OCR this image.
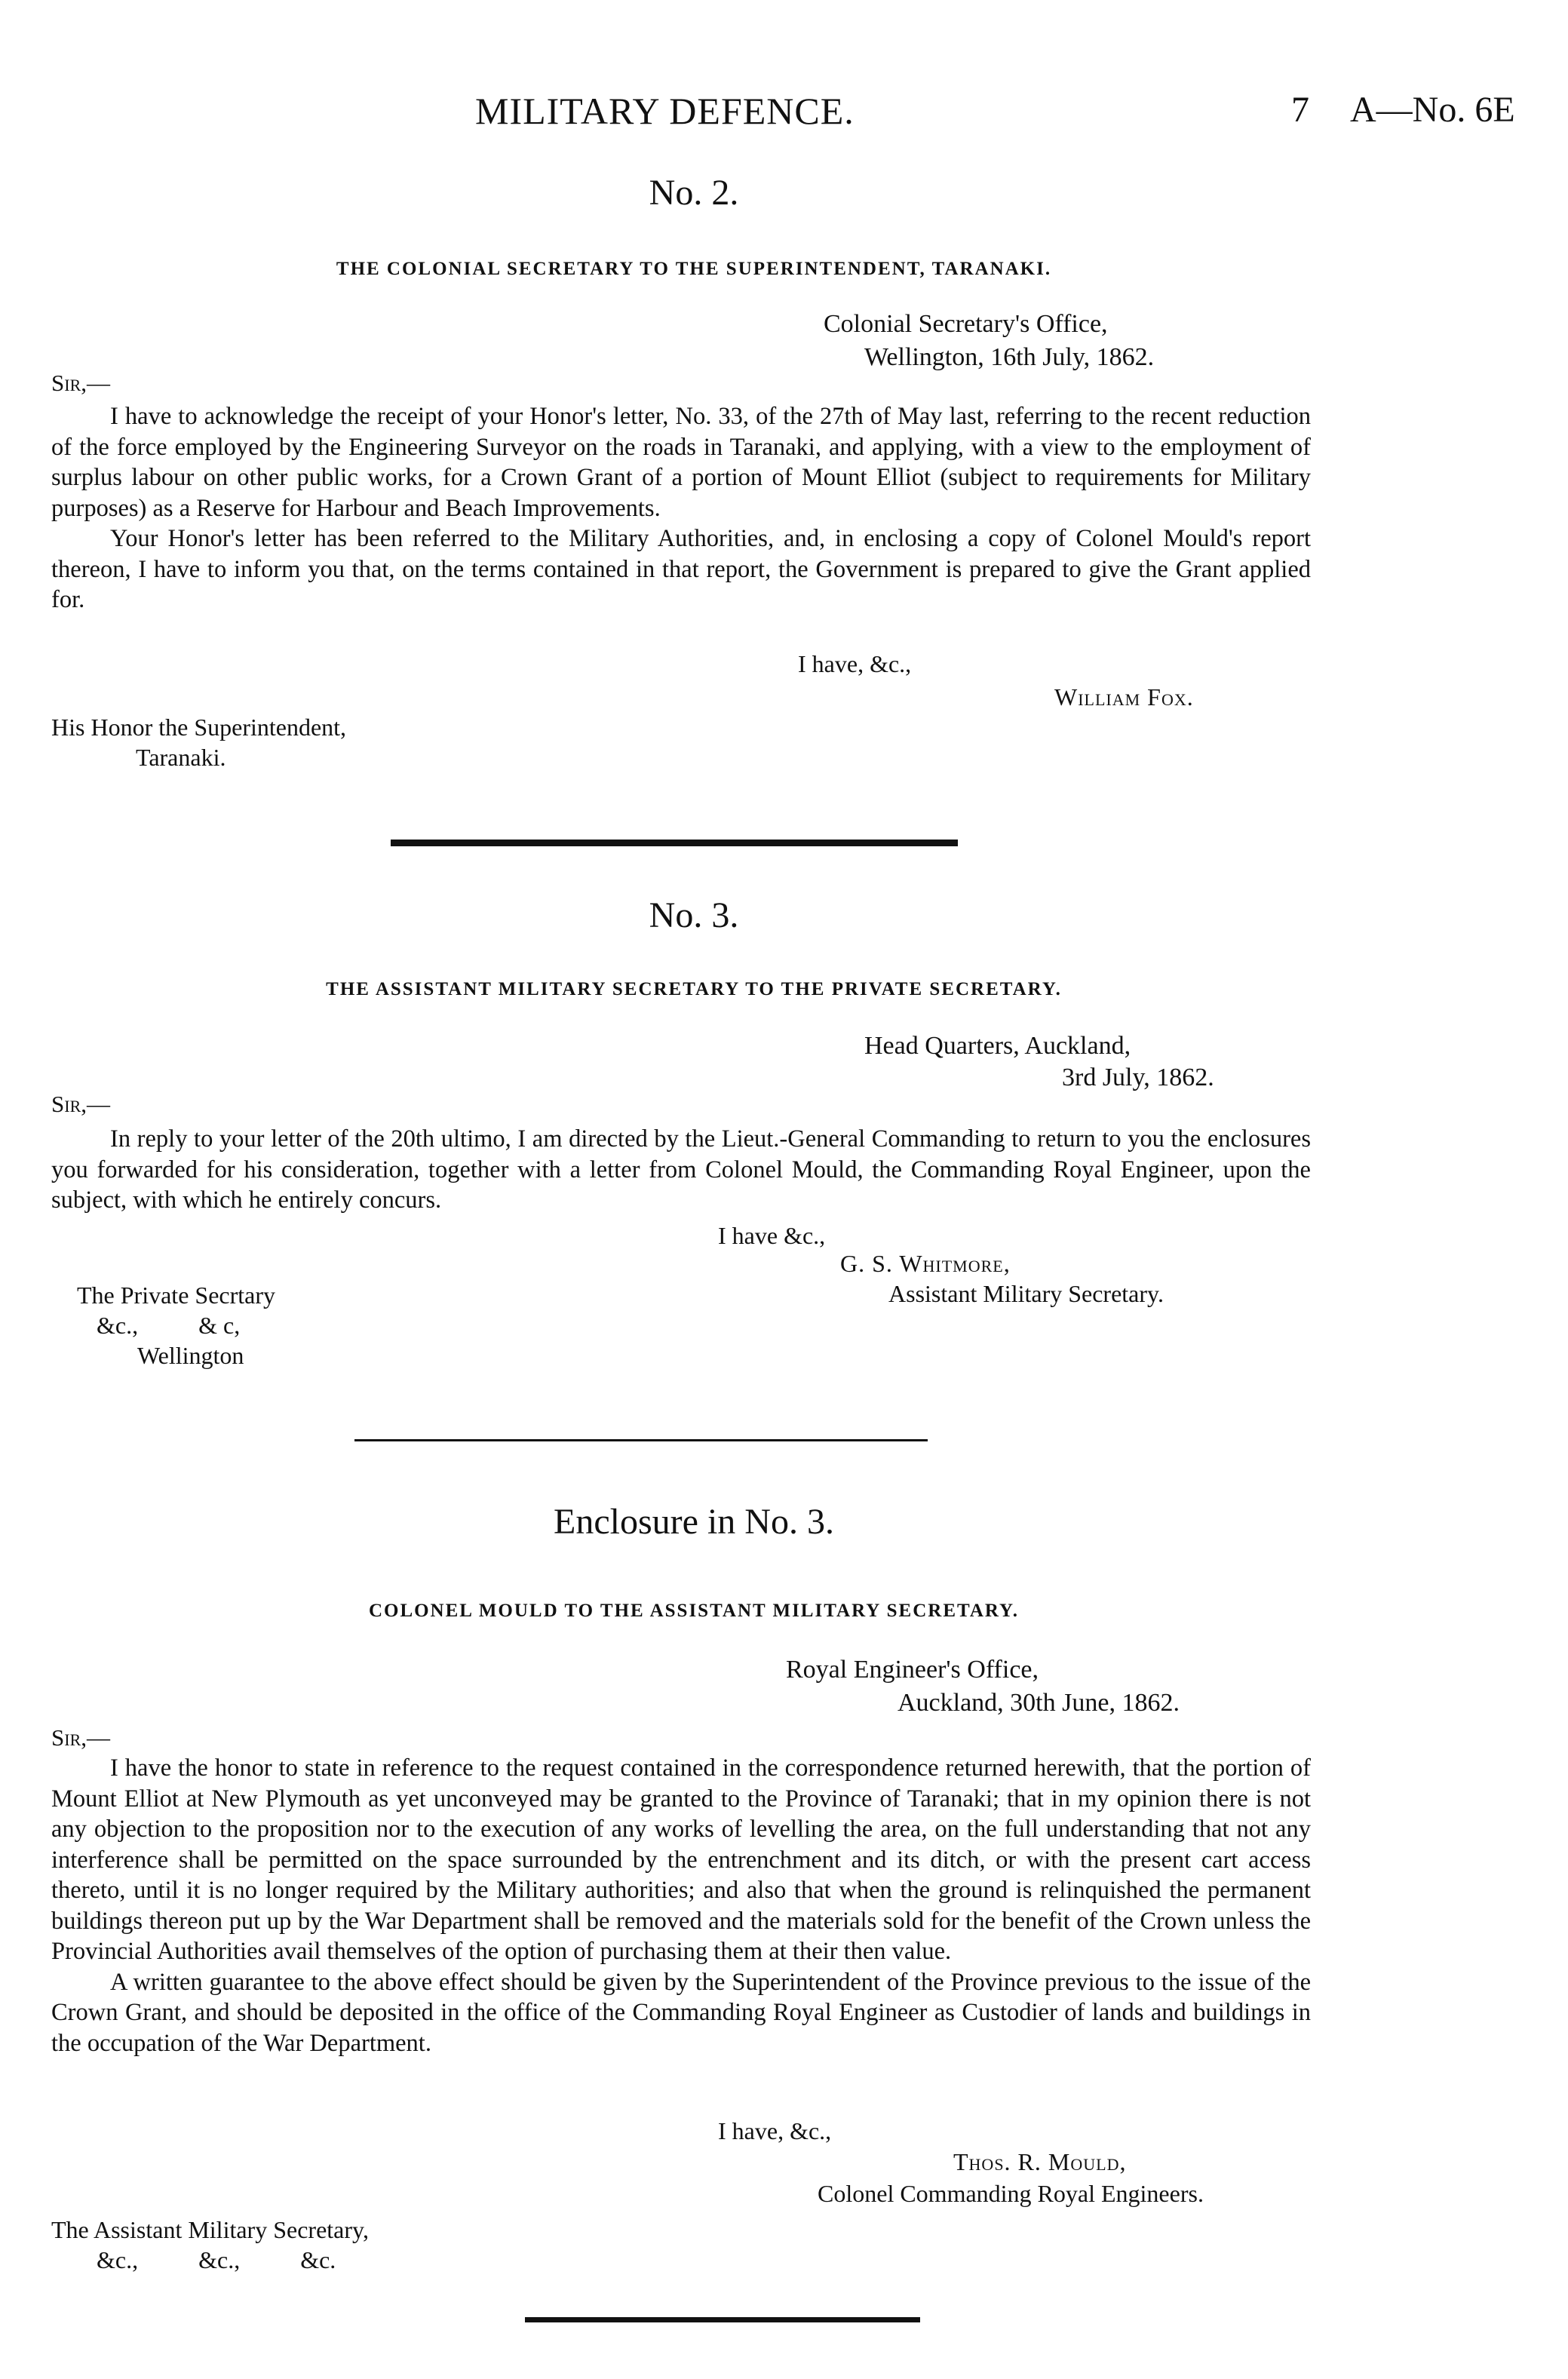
MILITARY DEFENCE.	7 A—No. 6E
No. 2.
THE COLONIAL SECRETARY TO THE SUPERINTENDENT, TARANAKI.
Colonial Secretary's Office,
Wellington, 16th July, 1862.
Sir,—

I have to acknowledge the receipt of your Honor's letter, No. 33, of the 27th of May last, referring to the recent reduction of the force employed by the Engineering Surveyor on the roads in Taranaki, and applying, with a view to the employment of surplus labour on other public works, for a Crown Grant of a portion of Mount Elliot (subject to requirements for Military purposes) as a Reserve for Harbour and Beach Improvements.

Your Honor's letter has been referred to the Military Authorities, and, in enclosing a copy of Colonel Mould's report thereon, I have to inform you that, on the terms contained in that report, the Government is prepared to give the Grant applied for.

I have, &c.,
William Fox.
His Honor the Superintendent,
Taranaki.
No. 3.
THE ASSISTANT MILITARY SECRETARY TO THE PRIVATE SECRETARY.
Head Quarters, Auckland,
3rd July, 1862.
Sir,—

In reply to your letter of the 20th ultimo, I am directed by the Lieut.-General Commanding to return to you the enclosures you forwarded for his consideration, together with a letter from Colonel Mould, the Commanding Royal Engineer, upon the subject, with which he entirely concurs.

I have &c.,
G. S. Whitmore,
Assistant Military Secretary.
The Private Secrtary
&c.,          & c,
Wellington
Enclosure in No. 3.
COLONEL MOULD TO THE ASSISTANT MILITARY SECRETARY.
Royal Engineer's Office,
Auckland, 30th June, 1862.
Sir,—

I have the honor to state in reference to the request contained in the correspondence returned herewith, that the portion of Mount Elliot at New Plymouth as yet unconveyed may be granted to the Province of Taranaki; that in my opinion there is not any objection to the proposition nor to the execution of any works of levelling the area, on the full understanding that not any interference shall be permitted on the space surrounded by the entrenchment and its ditch, or with the present cart access thereto, until it is no longer required by the Military authorities; and also that when the ground is relinquished the permanent buildings thereon put up by the War Department shall be removed and the materials sold for the benefit of the Crown unless the Provincial Authorities avail themselves of the option of purchasing them at their then value.

A written guarantee to the above effect should be given by the Superintendent of the Province previous to the issue of the Crown Grant, and should be deposited in the office of the Commanding Royal Engineer as Custodier of lands and buildings in the occupation of the War Department.

I have, &c.,
Thos. R. Mould,
Colonel Commanding Royal Engineers.
The Assistant Military Secretary,
&c.,          &c.,          &c.
